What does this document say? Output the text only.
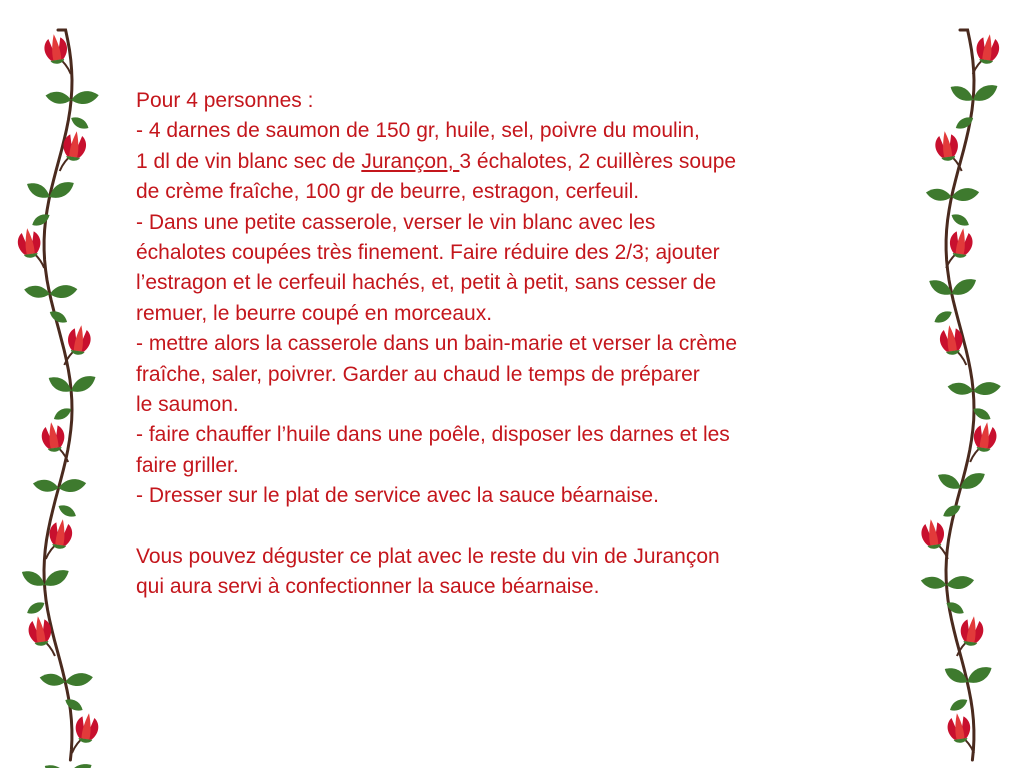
Pour 4 personnes :

- 4 darnes de saumon de 150 gr, huile, sel, poivre du moulin,

1 dl de vin blanc sec de Jurançon, 3 échalotes, 2 cuillères soupe

de crème fraîche, 100 gr de beurre, estragon, cerfeuil.

- Dans une petite casserole, verser le vin blanc avec les

échalotes coupées très finement. Faire réduire des 2/3; ajouter

l’estragon et le cerfeuil hachés, et, petit à petit, sans cesser de

remuer, le beurre coupé en morceaux.

- mettre alors la casserole dans un bain-marie et verser la crème

fraîche, saler, poivrer. Garder au chaud le temps de préparer

le saumon.

- faire chauffer l’huile dans une poêle, disposer les darnes et les

faire griller.

- Dresser sur le plat de service avec la sauce béarnaise.

Vous pouvez déguster ce plat avec le reste du vin de Jurançon

qui aura servi à confectionner la sauce béarnaise.
